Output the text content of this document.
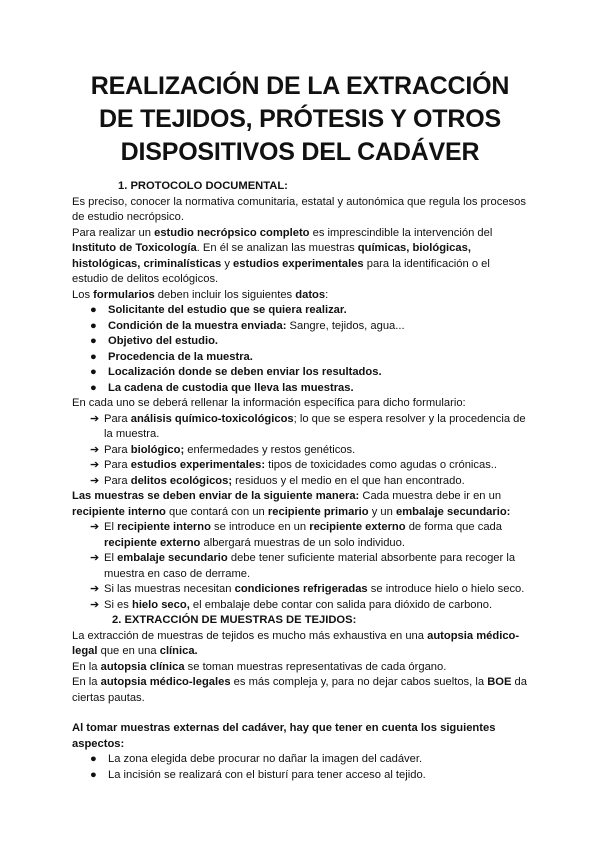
REALIZACIÓN DE LA EXTRACCIÓN
DE TEJIDOS, PRÓTESIS Y OTROS
DISPOSITIVOS DEL CADÁVER
1. PROTOCOLO DOCUMENTAL:

Es preciso, conocer la normativa comunitaria, estatal y autonómica que regula los procesos de estudio necrópsico.

Para realizar un estudio necrópsico completo es imprescindible la intervención del Instituto de Toxicología. En él se analizan las muestras químicas, biológicas, histológicas, criminalísticas y estudios experimentales para la identificación o el estudio de delitos ecológicos.

Los formularios deben incluir los siguientes datos:

● Solicitante del estudio que se quiera realizar.
● Condición de la muestra enviada: Sangre, tejidos, agua...
● Objetivo del estudio.
● Procedencia de la muestra.
● Localización donde se deben enviar los resultados.
● La cadena de custodia que lleva las muestras.

En cada uno se deberá rellenar la información específica para dicho formulario:

➔ Para análisis químico-toxicológicos; lo que se espera resolver y la procedencia de la muestra.
➔ Para biológico; enfermedades y restos genéticos.
➔ Para estudios experimentales: tipos de toxicidades como agudas o crónicas..
➔ Para delitos ecológicos; residuos y el medio en el que han encontrado.

Las muestras se deben enviar de la siguiente manera: Cada muestra debe ir en un recipiente interno que contará con un recipiente primario y un embalaje secundario:

➔ El recipiente interno se introduce en un recipiente externo de forma que cada recipiente externo albergará muestras de un solo individuo.
➔ El embalaje secundario debe tener suficiente material absorbente para recoger la muestra en caso de derrame.
➔ Si las muestras necesitan condiciones refrigeradas se introduce hielo o hielo seco.
➔ Si es hielo seco, el embalaje debe contar con salida para dióxido de carbono.
2. EXTRACCIÓN DE MUESTRAS DE TEJIDOS:

La extracción de muestras de tejidos es mucho más exhaustiva en una autopsia médico-legal que en una clínica.

En la autopsia clínica se toman muestras representativas de cada órgano.

En la autopsia médico-legales es más compleja y, para no dejar cabos sueltos, la BOE da ciertas pautas.

Al tomar muestras externas del cadáver, hay que tener en cuenta los siguientes aspectos:

● La zona elegida debe procurar no dañar la imagen del cadáver.
● La incisión se realizará con el bisturí para tener acceso al tejido.
